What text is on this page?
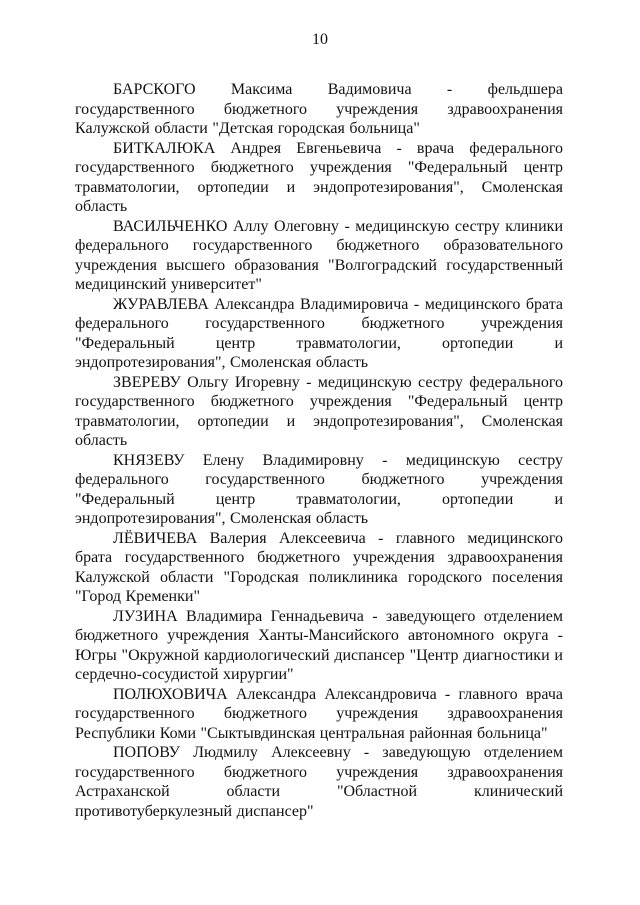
10

БАРСКОГО Максима Вадимовича - фельдшера государственного бюджетного учреждения здравоохранения Калужской области "Детская городская больница"

БИТКАЛЮКА Андрея Евгеньевича - врача федерального государственного бюджетного учреждения "Федеральный центр травматологии, ортопедии и эндопротезирования", Смоленская область

ВАСИЛЬЧЕНКО Аллу Олеговну - медицинскую сестру клиники федерального государственного бюджетного образовательного учреждения высшего образования "Волгоградский государственный медицинский университет"

ЖУРАВЛЕВА Александра Владимировича - медицинского брата федерального государственного бюджетного учреждения "Федеральный центр травматологии, ортопедии и эндопротезирования", Смоленская область

ЗВЕРЕВУ Ольгу Игоревну - медицинскую сестру федерального государственного бюджетного учреждения "Федеральный центр травматологии, ортопедии и эндопротезирования", Смоленская область

КНЯЗЕВУ Елену Владимировну - медицинскую сестру федерального государственного бюджетного учреждения "Федеральный центр травматологии, ортопедии и эндопротезирования", Смоленская область

ЛЁВИЧЕВА Валерия Алексеевича - главного медицинского брата государственного бюджетного учреждения здравоохранения Калужской области "Городская поликлиника городского поселения "Город Кременки"

ЛУЗИНА Владимира Геннадьевича - заведующего отделением бюджетного учреждения Ханты-Мансийского автономного округа - Югры "Окружной кардиологический диспансер "Центр диагностики и сердечно-сосудистой хирургии"

ПОЛЮХОВИЧА Александра Александровича - главного врача государственного бюджетного учреждения здравоохранения Республики Коми "Сыктывдинская центральная районная больница"

ПОПОВУ Людмилу Алексеевну - заведующую отделением государственного бюджетного учреждения здравоохранения Астраханской области "Областной клинический противотуберкулезный диспансер"
